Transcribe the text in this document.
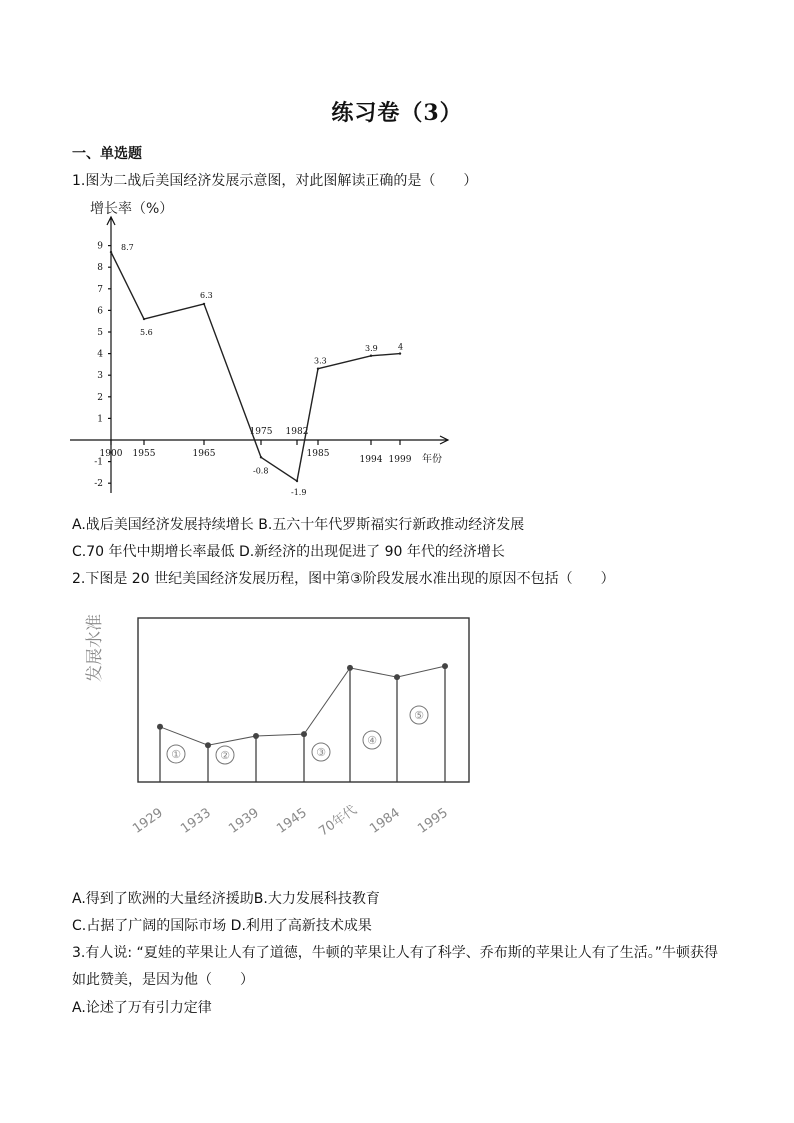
练习卷（3）
一、单选题
1.图为二战后美国经济发展示意图，对此图解读正确的是（　　）
增长率（%）
9
8
7
6
5
4
3
2
1
-1
-2
1900 1955	1965
1975 1982
1985
1994 1999 年份
8.7
5.6
6.3
-0.8
-1.9
3.3
3.9	4
A.战后美国经济发展持续增长 B.五六十年代罗斯福实行新政推动经济发展
C.70 年代中期增长率最低 D.新经济的出现促进了 90 年代的经济增长
2.下图是 20 世纪美国经济发展历程，图中第③阶段发展水准出现的原因不包括（　　）
发展水准
①	②	③
④
⑤
1929 1933 1939 1945 70年代 1984 1995
A.得到了欧洲的大量经济援助B.大力发展科技教育
C.占据了广阔的国际市场 D.利用了高新技术成果
3.有人说: “夏娃的苹果让人有了道德，牛顿的苹果让人有了科学、乔布斯的苹果让人有了生活。”牛顿获得
如此赞美，是因为他（　　）
A.论述了万有引力定律
